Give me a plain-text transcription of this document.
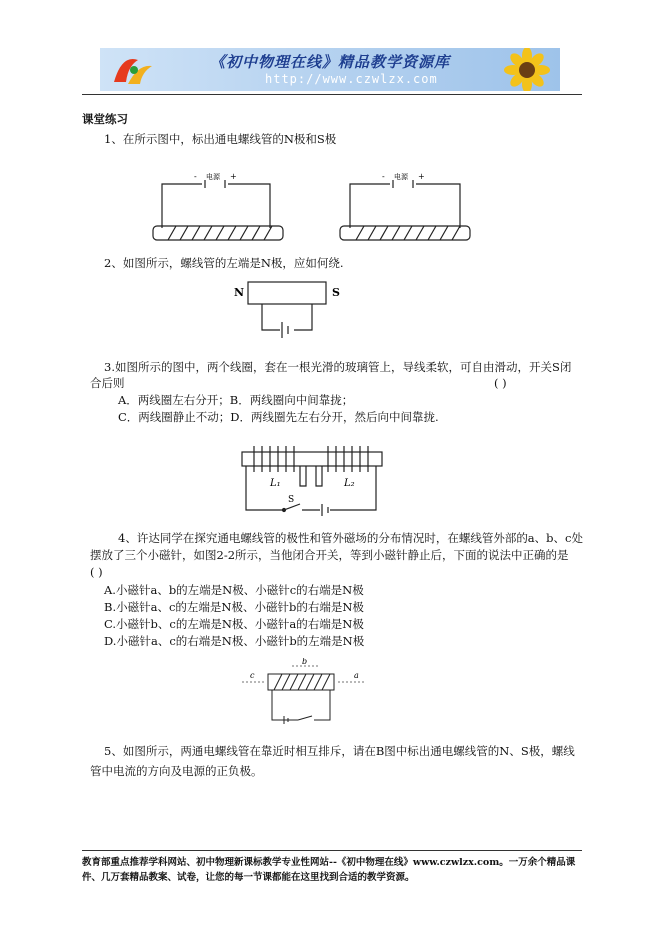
《初中物理在线》精品教学资源库
http://www.czwlzx.com
课堂练习
1、在所示图中，标出通电螺线管的N极和S极
-	+
电源	-	+
电源
2、如图所示，螺线管的左端是N极，应如何绕.
N	S
3.如图所示的图中，两个线圈，套在一根光滑的玻璃管上，导线柔软，可自由滑动，开关S闭
合后则	( )
A．两线圈左右分开；B．两线圈向中间靠拢；
C．两线圈静止不动；D．两线圈先左右分开，然后向中间靠拢.
L₁	L₂
S
4、许达同学在探究通电螺线管的极性和管外磁场的分布情况时，在螺线管外部的a、b、c处
摆放了三个小磁针，如图2-2所示，当他闭合开关，等到小磁针静止后，下面的说法中正确的是
( )
A.小磁针a、b的左端是N极、小磁针c的右端是N极
B.小磁针a、c的左端是N极、小磁针b的右端是N极
C.小磁针b、c的左端是N极、小磁针a的右端是N极
D.小磁针a、c的右端是N极、小磁针b的左端是N极
c	a
b
5、如图所示，两通电螺线管在靠近时相互排斥，请在B图中标出通电螺线管的N、S极，螺线
管中电流的方向及电源的正负极。
教育部重点推荐学科网站、初中物理新课标教学专业性网站--《初中物理在线》www.czwlzx.com。一万余个精品课
件、几万套精品教案、试卷，让您的每一节课都能在这里找到合适的教学资源。
